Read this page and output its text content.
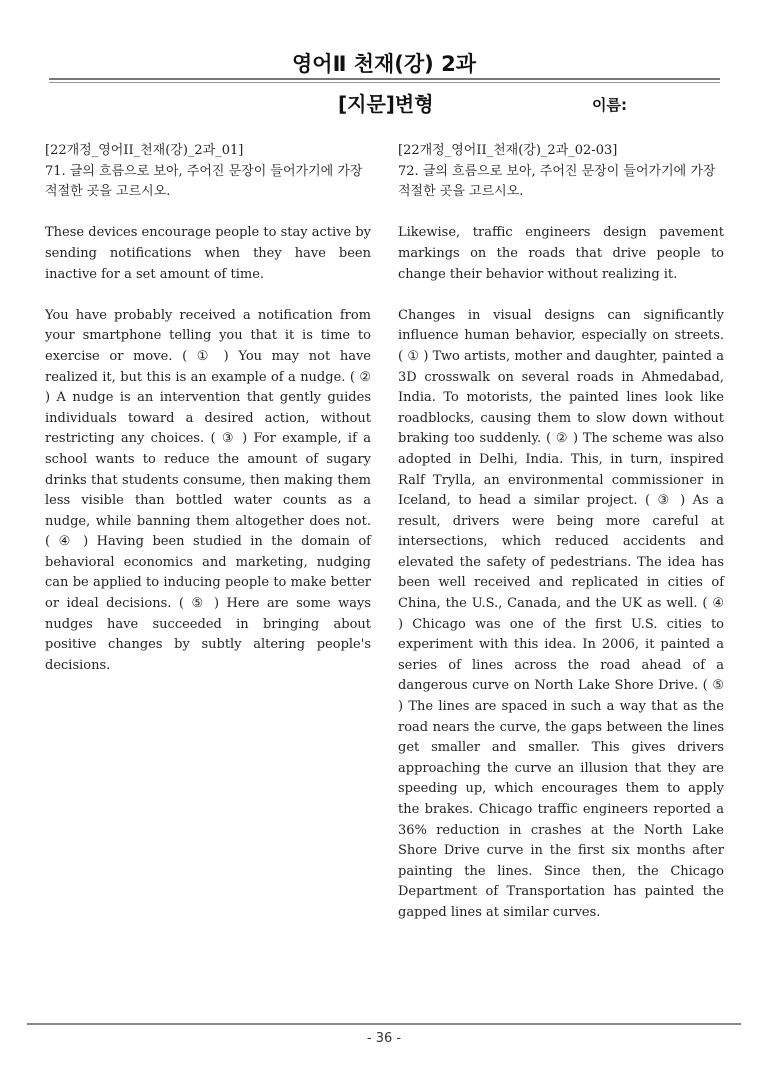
영어Ⅱ 천재(강) 2과
[지문]변형	이름:

[22개정_영어II_천재(강)_2과_01]

71. 글의 흐름으로 보아, 주어진 문장이 들어가기에 가장 적절한 곳을 고르시오.

These devices encourage people to stay active by sending notifications when they have been inactive for a set amount of time.

You have probably received a notification from your smartphone telling you that it is time to exercise or move. ( ① ) You may not have realized it, but this is an example of a nudge. ( ② ) A nudge is an intervention that gently guides individuals toward a desired action, without restricting any choices. ( ③ ) For example, if a school wants to reduce the amount of sugary drinks that students consume, then making them less visible than bottled water counts as a nudge, while banning them altogether does not. ( ④ ) Having been studied in the domain of behavioral economics and marketing, nudging can be applied to inducing people to make better or ideal decisions. ( ⑤ ) Here are some ways nudges have succeeded in bringing about positive changes by subtly altering people's decisions.

[22개정_영어II_천재(강)_2과_02-03]

72. 글의 흐름으로 보아, 주어진 문장이 들어가기에 가장 적절한 곳을 고르시오.

Likewise, traffic engineers design pavement markings on the roads that drive people to change their behavior without realizing it.

Changes in visual designs can significantly influence human behavior, especially on streets. ( ① ) Two artists, mother and daughter, painted a 3D crosswalk on several roads in Ahmedabad, India. To motorists, the painted lines look like roadblocks, causing them to slow down without braking too suddenly. ( ② ) The scheme was also adopted in Delhi, India. This, in turn, inspired Ralf Trylla, an environmental commissioner in Iceland, to head a similar project. ( ③ ) As a result, drivers were being more careful at intersections, which reduced accidents and elevated the safety of pedestrians. The idea has been well received and replicated in cities of China, the U.S., Canada, and the UK as well. ( ④ ) Chicago was one of the first U.S. cities to experiment with this idea. In 2006, it painted a series of lines across the road ahead of a dangerous curve on North Lake Shore Drive. ( ⑤ ) The lines are spaced in such a way that as the road nears the curve, the gaps between the lines get smaller and smaller. This gives drivers approaching the curve an illusion that they are speeding up, which encourages them to apply the brakes. Chicago traffic engineers reported a 36% reduction in crashes at the North Lake Shore Drive curve in the first six months after painting the lines. Since then, the Chicago Department of Transportation has painted the gapped lines at similar curves.

- 36 -
